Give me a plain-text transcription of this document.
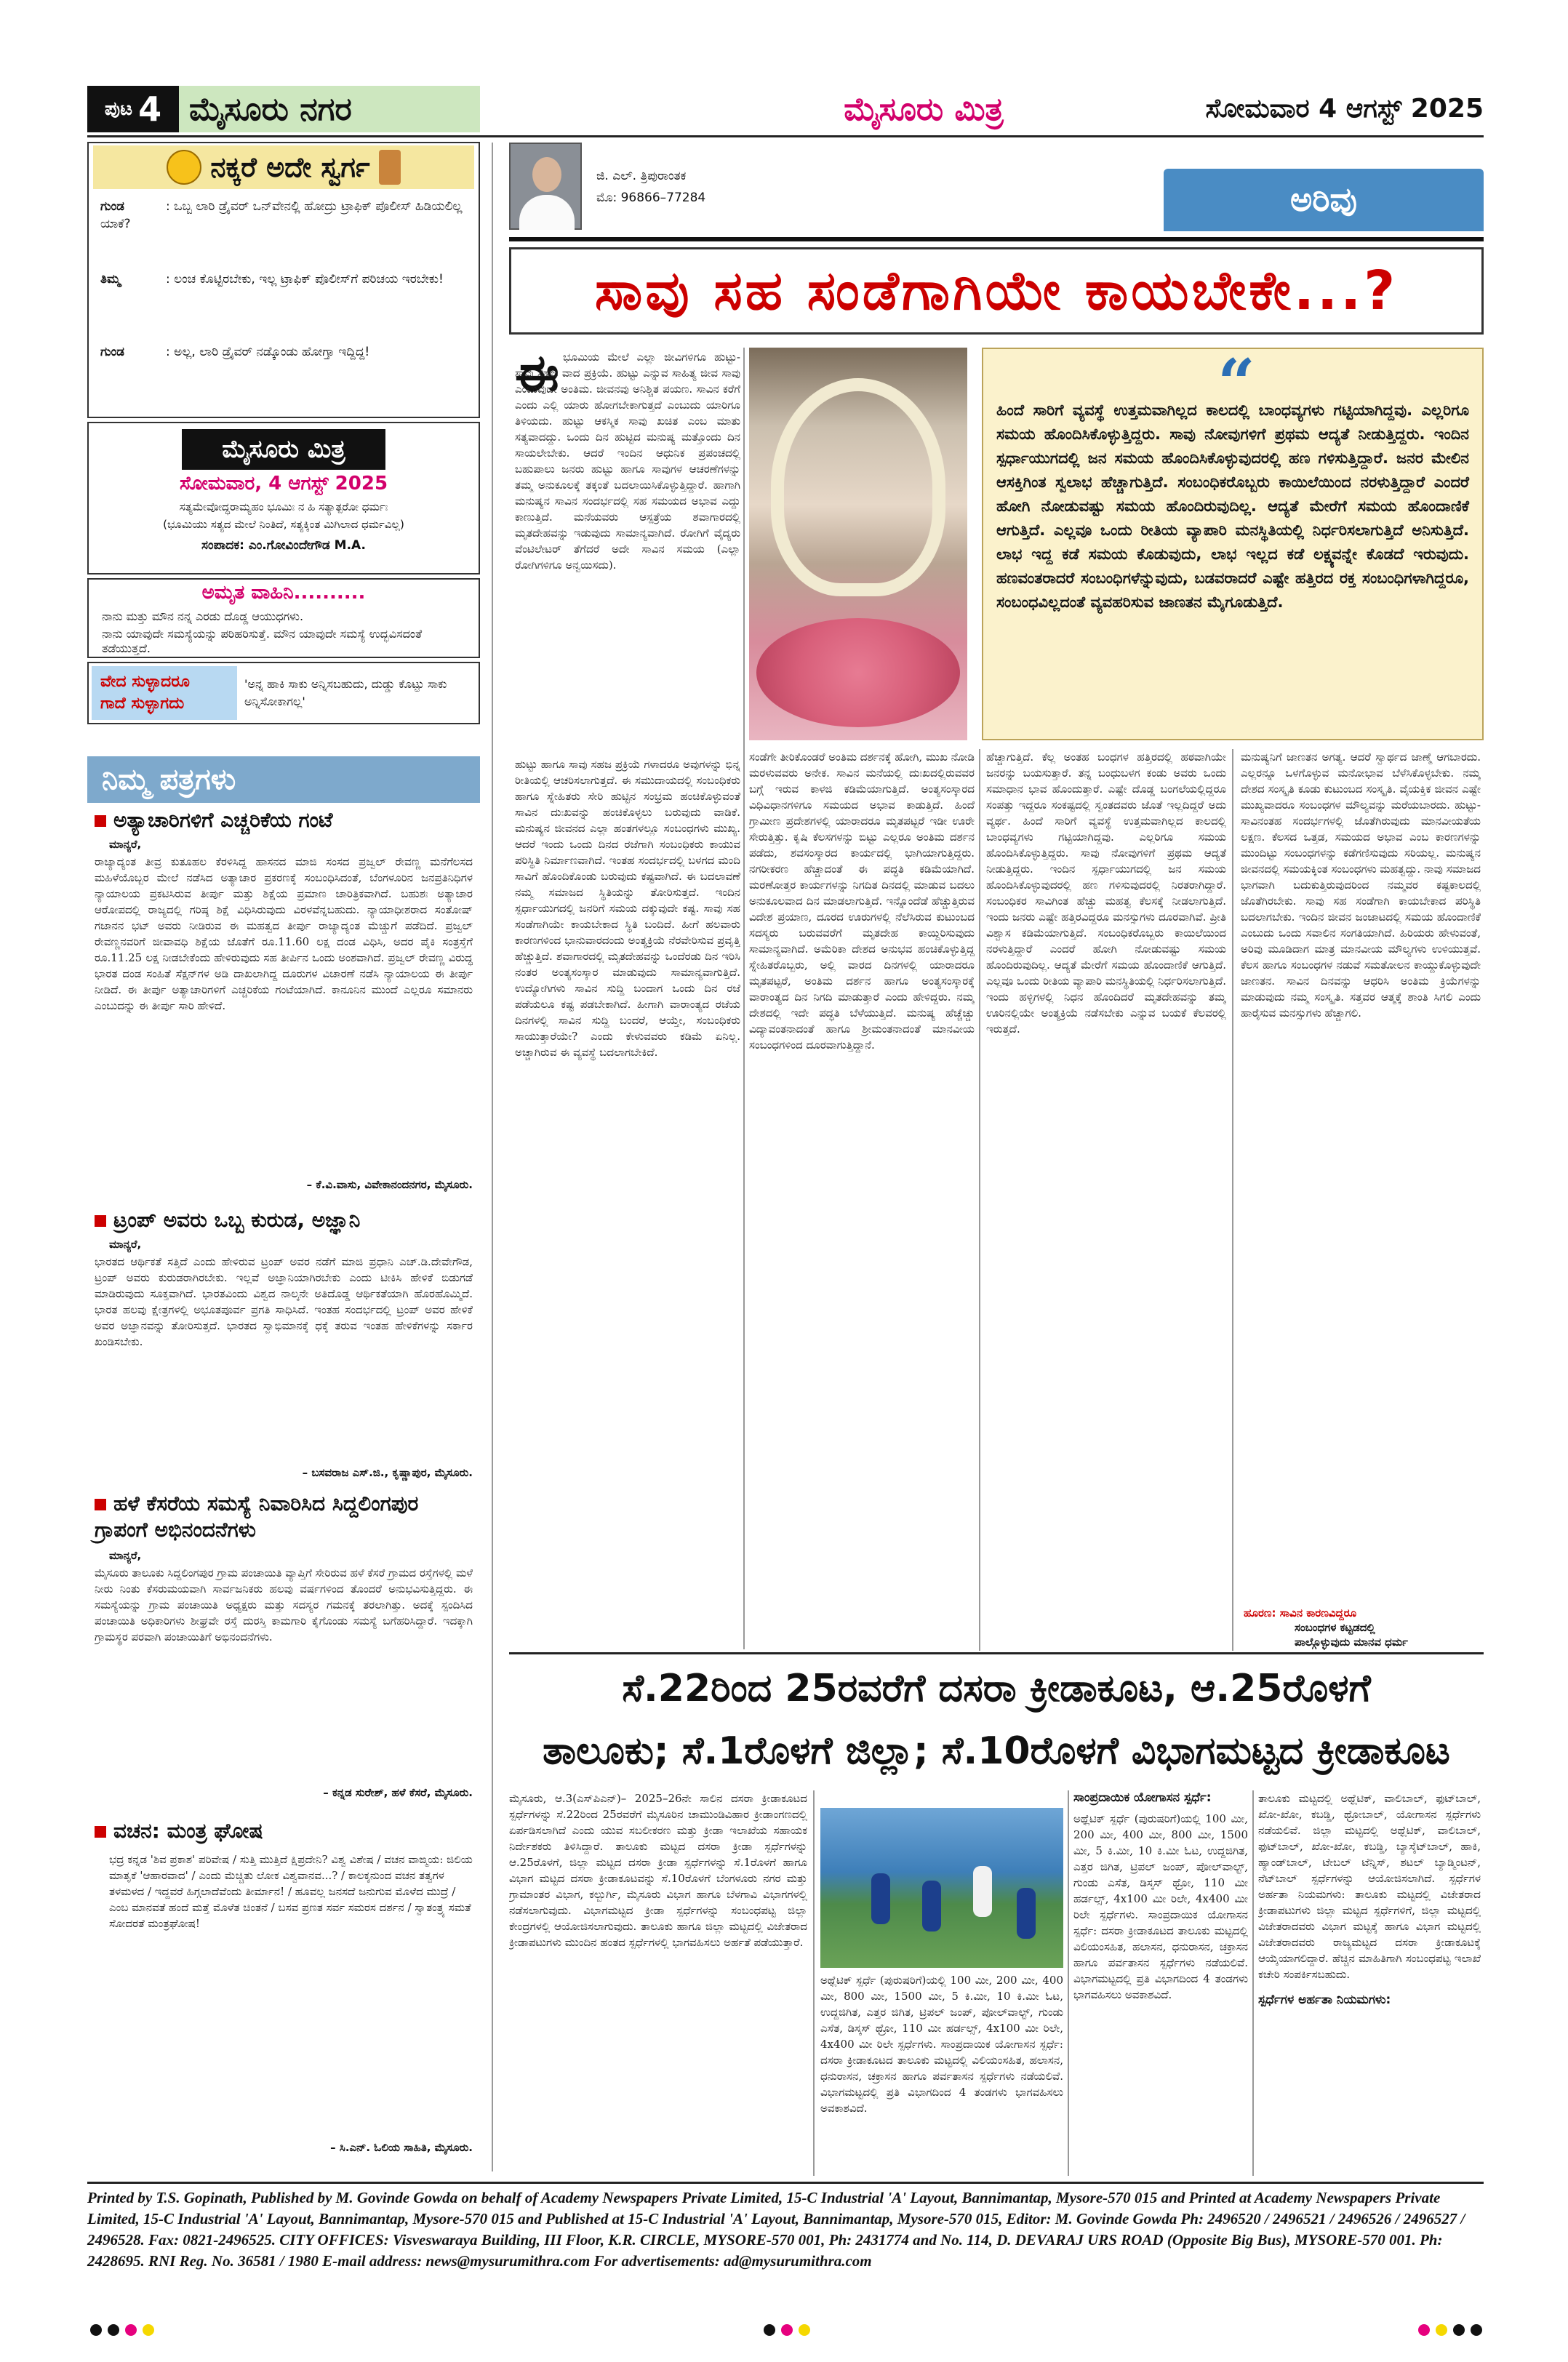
ಪುಟ 4 ಮೈಸೂರು ನಗರ	ಮೈಸೂರು ಮಿತ್ರ	ಸೋಮವಾರ 4 ಆಗಸ್ಟ್ 2025
ನಕ್ಕರೆ ಅದೇ ಸ್ವರ್ಗ
ಗುಂಡ	: ಒಬ್ಬ ಲಾರಿ ಡ್ರೈವರ್ ಒನ್‌ವೇನಲ್ಲಿ ಹೋದ್ರು ಟ್ರಾಫಿಕ್ ಪೊಲೀಸ್ ಹಿಡಿಯಲಿಲ್ಲ ಯಾಕೆ?
ತಿಮ್ಮ	: ಲಂಚ ಕೊಟ್ಟಿರಬೇಕು, ಇಲ್ಲ ಟ್ರಾಫಿಕ್ ಪೊಲೀಸ್‌ಗೆ ಪರಿಚಯ ಇರಬೇಕು!
ಗುಂಡ	: ಅಲ್ಲ, ಲಾರಿ ಡ್ರೈವರ್ ನಡ್ಕೊಂಡು ಹೋಗ್ತಾ ಇದ್ದಿದ್ದ!
ಮೈಸೂರು ಮಿತ್ರ
ಸೋಮವಾರ, 4 ಆಗಸ್ಟ್ 2025
ಸತ್ಯಮೇವೋದ್ಧರಾಮ್ಯಹಂ ಭೂಮಿಃ ನ ಹಿ ಸತ್ಯಾತ್ಪರೋ ಧರ್ಮಃ
(ಭೂಮಿಯು ಸತ್ಯದ ಮೇಲೆ ನಿಂತಿದೆ, ಸತ್ಯಕ್ಕಿಂತ ಮಿಗಿಲಾದ ಧರ್ಮವಿಲ್ಲ)
ಸಂಪಾದಕ: ಎಂ.ಗೋವಿಂದೇಗೌಡ M.A.
ಅಮೃತ ವಾಹಿನಿ..........
ನಾನು ಮತ್ತು ಮೌನ ನನ್ನ ಎರಡು ದೊಡ್ಡ ಆಯುಧಗಳು.
ನಾನು ಯಾವುದೇ ಸಮಸ್ಯೆಯನ್ನು ಪರಿಹರಿಸುತ್ತೆ. ಮೌನ ಯಾವುದೇ ಸಮಸ್ಯೆ ಉದ್ಭವಿಸದಂತೆ ತಡೆಯುತ್ತದೆ.
ವೇದ ಸುಳ್ಳಾದರೂ
ಗಾದೆ ಸುಳ್ಳಾಗದು
'ಅನ್ನ ಹಾಕಿ ಸಾಕು ಅನ್ನಿಸಬಹುದು, ದುಡ್ಡು ಕೊಟ್ಟು ಸಾಕು ಅನ್ನಿಸೋಕಾಗಲ್ಲ'
ನಿಮ್ಮ ಪತ್ರಗಳು
ಅತ್ಯಾಚಾರಿಗಳಿಗೆ ಎಚ್ಚರಿಕೆಯ ಗಂಟೆ
ಮಾನ್ಯರೆ,
ರಾಜ್ಯಾದ್ಯಂತ ತೀವ್ರ ಕುತೂಹಲ ಕೆರಳಿಸಿದ್ದ ಹಾಸನದ ಮಾಜಿ ಸಂಸದ ಪ್ರಜ್ವಲ್ ರೇವಣ್ಣ ಮನೆಗೆಲಸದ ಮಹಿಳೆಯೊಬ್ಬರ ಮೇಲೆ ನಡೆಸಿದ ಅತ್ಯಾಚಾರ ಪ್ರಕರಣಕ್ಕೆ ಸಂಬಂಧಿಸಿದಂತೆ, ಬೆಂಗಳೂರಿನ ಜನಪ್ರತಿನಿಧಿಗಳ ನ್ಯಾಯಾಲಯ ಪ್ರಕಟಿಸಿರುವ ತೀರ್ಪು ಮತ್ತು ಶಿಕ್ಷೆಯ ಪ್ರಮಾಣ ಚಾರಿತ್ರಿಕವಾಗಿದೆ. ಬಹುಶಃ ಅತ್ಯಾಚಾರ ಆರೋಪದಲ್ಲಿ ರಾಜ್ಯದಲ್ಲಿ ಗರಿಷ್ಠ ಶಿಕ್ಷೆ ವಿಧಿಸಿರುವುದು ವಿರಳವೆನ್ನಬಹುದು. ನ್ಯಾಯಾಧೀಶರಾದ ಸಂತೋಷ್ ಗಜಾನನ ಭಟ್ ಅವರು ನೀಡಿರುವ ಈ ಮಹತ್ವದ ತೀರ್ಪು ರಾಜ್ಯಾದ್ಯಂತ ಮೆಚ್ಚುಗೆ ಪಡೆದಿದೆ. ಪ್ರಜ್ವಲ್ ರೇವಣ್ಣನವರಿಗೆ ಜೀವಾವಧಿ ಶಿಕ್ಷೆಯ ಜೊತೆಗೆ ರೂ.11.60 ಲಕ್ಷ ದಂಡ ವಿಧಿಸಿ, ಅದರ ಪೈಕಿ ಸಂತ್ರಸ್ತೆಗೆ ರೂ.11.25 ಲಕ್ಷ ನೀಡಬೇಕೆಂದು ಹೇಳಿರುವುದು ಸಹ ತೀರ್ಪಿನ ಒಂದು ಅಂಶವಾಗಿದೆ. ಪ್ರಜ್ವಲ್ ರೇವಣ್ಣ ವಿರುದ್ಧ ಭಾರತ ದಂಡ ಸಂಹಿತೆ ಸೆಕ್ಷನ್‌ಗಳ ಅಡಿ ದಾಖಲಾಗಿದ್ದ ದೂರುಗಳ ವಿಚಾರಣೆ ನಡೆಸಿ ನ್ಯಾಯಾಲಯ ಈ ತೀರ್ಪು ನೀಡಿದೆ. ಈ ತೀರ್ಪು ಅತ್ಯಾಚಾರಿಗಳಿಗೆ ಎಚ್ಚರಿಕೆಯ ಗಂಟೆಯಾಗಿದೆ. ಕಾನೂನಿನ ಮುಂದೆ ಎಲ್ಲರೂ ಸಮಾನರು ಎಂಬುದನ್ನು ಈ ತೀರ್ಪು ಸಾರಿ ಹೇಳಿದೆ.
– ಕೆ.ವಿ.ವಾಸು, ವಿವೇಕಾನಂದನಗರ, ಮೈಸೂರು.
ಟ್ರಂಪ್ ಅವರು ಒಬ್ಬ ಕುರುಡ, ಅಜ್ಞಾನಿ
ಮಾನ್ಯರೆ,
ಭಾರತದ ಆರ್ಥಿಕತೆ ಸತ್ತಿದೆ ಎಂದು ಹೇಳಿರುವ ಟ್ರಂಪ್ ಅವರ ನಡೆಗೆ ಮಾಜಿ ಪ್ರಧಾನಿ ಎಚ್.ಡಿ.ದೇವೇಗೌಡ, ಟ್ರಂಪ್ ಅವರು ಕುರುಡರಾಗಿರಬೇಕು. ಇಲ್ಲವೆ ಅಜ್ಞಾನಿಯಾಗಿರಬೇಕು ಎಂದು ಟೀಕಿಸಿ ಹೇಳಿಕೆ ಬಿಡುಗಡೆ ಮಾಡಿರುವುದು ಸೂಕ್ತವಾಗಿದೆ. ಭಾರತವಿಂದು ವಿಶ್ವದ ನಾಲ್ಕನೇ ಅತಿದೊಡ್ಡ ಆರ್ಥಿಕತೆಯಾಗಿ ಹೊರಹೊಮ್ಮಿದೆ. ಭಾರತ ಹಲವು ಕ್ಷೇತ್ರಗಳಲ್ಲಿ ಅಭೂತಪೂರ್ವ ಪ್ರಗತಿ ಸಾಧಿಸಿದೆ. ಇಂತಹ ಸಂದರ್ಭದಲ್ಲಿ ಟ್ರಂಪ್ ಅವರ ಹೇಳಿಕೆ ಅವರ ಅಜ್ಞಾನವನ್ನು ತೋರಿಸುತ್ತದೆ. ಭಾರತದ ಸ್ವಾಭಿಮಾನಕ್ಕೆ ಧಕ್ಕೆ ತರುವ ಇಂತಹ ಹೇಳಿಕೆಗಳನ್ನು ಸರ್ಕಾರ ಖಂಡಿಸಬೇಕು.
– ಬಸವರಾಜ ಎಸ್.ಜಿ., ಕೃಷ್ಣಾಪುರ, ಮೈಸೂರು.
ಹಳೆ ಕೆಸರೆಯ ಸಮಸ್ಯೆ ನಿವಾರಿಸಿದ ಸಿದ್ದಲಿಂಗಪುರ ಗ್ರಾಪಂಗೆ ಅಭಿನಂದನೆಗಳು
ಮಾನ್ಯರೆ,
ಮೈಸೂರು ತಾಲೂಕು ಸಿದ್ದಲಿಂಗಪುರ ಗ್ರಾಮ ಪಂಚಾಯಿತಿ ವ್ಯಾಪ್ತಿಗೆ ಸೇರಿರುವ ಹಳೆ ಕೆಸರೆ ಗ್ರಾಮದ ರಸ್ತೆಗಳಲ್ಲಿ ಮಳೆ ನೀರು ನಿಂತು ಕೆಸರುಮಯವಾಗಿ ಸಾರ್ವಜನಿಕರು ಹಲವು ವರ್ಷಗಳಿಂದ ತೊಂದರೆ ಅನುಭವಿಸುತ್ತಿದ್ದರು. ಈ ಸಮಸ್ಯೆಯನ್ನು ಗ್ರಾಮ ಪಂಚಾಯಿತಿ ಅಧ್ಯಕ್ಷರು ಮತ್ತು ಸದಸ್ಯರ ಗಮನಕ್ಕೆ ತರಲಾಗಿತ್ತು. ಅದಕ್ಕೆ ಸ್ಪಂದಿಸಿದ ಪಂಚಾಯಿತಿ ಅಧಿಕಾರಿಗಳು ಶೀಘ್ರವೇ ರಸ್ತೆ ದುರಸ್ತಿ ಕಾಮಗಾರಿ ಕೈಗೊಂಡು ಸಮಸ್ಯೆ ಬಗೆಹರಿಸಿದ್ದಾರೆ. ಇದಕ್ಕಾಗಿ ಗ್ರಾಮಸ್ಥರ ಪರವಾಗಿ ಪಂಚಾಯಿತಿಗೆ ಅಭಿನಂದನೆಗಳು.
– ಕನ್ನಡ ಸುರೇಶ್, ಹಳೆ ಕೆಸರೆ, ಮೈಸೂರು.
ವಚನ: ಮಂತ್ರ ಘೋಷ
ಭದ್ರ ಕನ್ನಡ 'ಶಿವ ಪ್ರಕಾಶ' ಪರಿವೇಷ / ಸುತ್ತಿ ಮುತ್ತಿದೆ ಕ್ಷಿಪ್ರದೇನಿ? ವಿಶ್ವ ವಿಶೇಷ / ವಚನ ವಾಙ್ಮಯ: ಜಿಲಿಯ ಮಾತೃಕೆ 'ಆಹಾರವಾದ' / ಎಂದು ಮೆಚ್ಚಿತು ಲೋಕ ವಿಶ್ವವಾನವ...? / ಕಾಲಕ್ಕನುಂದ ವಚನ ತತ್ವಗಳ ತಳಮಳದ / ಇದ್ದವರೆ ಹಿಗ್ಗಲಾದೆವೆಂದು ತೀರ್ಮಾನ! / ಹೂವಲ್ಲ ಜನಸದೆ ಜನುಗುವ ಮೊಳೆದ ಮುದ್ರೆ / ಎಂಬ ಮಾನವತೆ ಹಂದೆ ಮತ್ತೆ ಮೊಳೆತ ಚಿಂತನೆ / ಬಸವ ಪ್ರಣತ ಸರ್ವ ಸಮರಸ ದರ್ಶನ / ಸ್ವಾತಂತ್ರ್ಯ ಸಮತೆ ಸೋದರತೆ ಮಂತ್ರಘೋಷ!
– ಸಿ.ಎನ್. ಓಲಿಯ ಸಾಹಿತಿ, ಮೈಸೂರು.
ಜಿ. ಎಲ್. ತ್ರಿಪುರಾಂತಕ
ಮೊ: 96866–77284	ಅರಿವು
ಸಾವು ಸಹ ಸಂಡೆಗಾಗಿಯೇ ಕಾಯಬೇಕೇ...?
ಈ ಭೂಮಿಯ ಮೇಲೆ ಎಲ್ಲಾ ಜೀವಿಗಳಿಗೂ ಹುಟ್ಟು-ಸಾವು ಸಹಜ ವಾದ ಪ್ರಕ್ರಿಯೆ. ಹುಟ್ಟು ಎನ್ನುವ ಸಾಹಿತ್ಯ ಜೀವ ಸಾವು ಎಂಬುವುದೇ ಅಂತಿಮ. ಜೀವನವು ಅನಿಶ್ಚಿತ ಪಯಣ. ಸಾವಿನ ಕರೆಗೆ ಎಂದು ಎಲ್ಲಿ ಯಾರು ಹೋಗಬೇಕಾಗುತ್ತದೆ ಎಂಬುದು ಯಾರಿಗೂ ತಿಳಿಯದು. ಹುಟ್ಟು ಆಕಸ್ಮಿಕ ಸಾವು ಖಚಿತ ಎಂಬ ಮಾತು ಸತ್ಯವಾದದ್ದು. ಒಂದು ದಿನ ಹುಟ್ಟಿದ ಮನುಷ್ಯ ಮತ್ತೊಂದು ದಿನ ಸಾಯಲೇಬೇಕು. ಆದರೆ ಇಂದಿನ ಆಧುನಿಕ ಪ್ರಪಂಚದಲ್ಲಿ ಬಹುಪಾಲು ಜನರು ಹುಟ್ಟು ಹಾಗೂ ಸಾವುಗಳ ಆಚರಣೆಗಳನ್ನು ತಮ್ಮ ಅನುಕೂಲಕ್ಕೆ ತಕ್ಕಂತೆ ಬದಲಾಯಿಸಿಕೊಳ್ಳುತ್ತಿದ್ದಾರೆ. ಹಾಗಾಗಿ ಮನುಷ್ಯನ ಸಾವಿನ ಸಂದರ್ಭದಲ್ಲಿ ಸಹ ಸಮಯದ ಅಭಾವ ಎದ್ದು ಕಾಣುತ್ತಿದೆ. ಮನೆಯವರು ಆಸ್ಪತ್ರೆಯ ಶವಾಗಾರದಲ್ಲಿ ಮೃತದೇಹವನ್ನು ಇಡುವುದು ಸಾಮಾನ್ಯವಾಗಿದೆ. ರೋಗಿಗೆ ವೈದ್ಯರು ವೆಂಟಿಲೇಟರ್ ತೆಗೆದರೆ ಅದೇ ಸಾವಿನ ಸಮಯ (ಎಲ್ಲಾ ರೋಗಿಗಳಿಗೂ ಅನ್ವಯಿಸದು).
ಹುಟ್ಟು ಹಾಗೂ ಸಾವು ಸಹಜ ಪ್ರಕ್ರಿಯೆ ಗಳಾದರೂ ಅವುಗಳನ್ನು ಭಿನ್ನ ರೀತಿಯಲ್ಲಿ ಆಚರಿಸಲಾಗುತ್ತದೆ. ಈ ಸಮುದಾಯದಲ್ಲಿ ಸಂಬಂಧಿಕರು ಹಾಗೂ ಸ್ನೇಹಿತರು ಸೇರಿ ಹುಟ್ಟಿನ ಸಂಭ್ರಮ ಹಂಚಿಕೊಳ್ಳುವಂತೆ ಸಾವಿನ ದುಃಖವನ್ನು ಹಂಚಿಕೊಳ್ಳಲು ಬರುವುದು ವಾಡಿಕೆ. ಮನುಷ್ಯನ ಜೀವನದ ಎಲ್ಲಾ ಹಂತಗಳಲ್ಲೂ ಸಂಬಂಧಗಳು ಮುಖ್ಯ. ಆದರೆ ಇಂದು ಒಂದು ದಿನದ ರಜೆಗಾಗಿ ಸಂಬಂಧಿಕರು ಕಾಯುವ ಪರಿಸ್ಥಿತಿ ನಿರ್ಮಾಣವಾಗಿದೆ. ಇಂತಹ ಸಂದರ್ಭದಲ್ಲಿ ಬಳಗದ ಮಂದಿ ಸಾವಿಗೆ ಹೊಂದಿಕೊಂಡು ಬರುವುದು ಕಷ್ಟವಾಗಿದೆ. ಈ ಬದಲಾವಣೆ ನಮ್ಮ ಸಮಾಜದ ಸ್ಥಿತಿಯನ್ನು ತೋರಿಸುತ್ತದೆ. ಇಂದಿನ ಸ್ಪರ್ಧಾಯುಗದಲ್ಲಿ ಜನರಿಗೆ ಸಮಯ ದಕ್ಕುವುದೇ ಕಷ್ಟ. ಸಾವು ಸಹ ಸಂಡೆಗಾಗಿಯೇ ಕಾಯಬೇಕಾದ ಸ್ಥಿತಿ ಬಂದಿದೆ. ಹೀಗೆ ಹಲವಾರು ಕಾರಣಗಳಿಂದ ಭಾನುವಾರದಂದು ಅಂತ್ಯಕ್ರಿಯೆ ನೆರವೇರಿಸುವ ಪ್ರವೃತ್ತಿ ಹೆಚ್ಚುತ್ತಿದೆ. ಶವಾಗಾರದಲ್ಲಿ ಮೃತದೇಹವನ್ನು ಒಂದೆರಡು ದಿನ ಇರಿಸಿ ನಂತರ ಅಂತ್ಯಸಂಸ್ಕಾರ ಮಾಡುವುದು ಸಾಮಾನ್ಯವಾಗುತ್ತಿದೆ. ಉದ್ಯೋಗಿಗಳು ಸಾವಿನ ಸುದ್ದಿ ಬಂದಾಗ ಒಂದು ದಿನ ರಜೆ ಪಡೆಯಲೂ ಕಷ್ಟ ಪಡಬೇಕಾಗಿದೆ. ಹೀಗಾಗಿ ವಾರಾಂತ್ಯದ ರಜೆಯ ದಿನಗಳಲ್ಲಿ ಸಾವಿನ ಸುದ್ದಿ ಬಂದರೆ, ಆಯ್ತೇ, ಸಂಬಂಧಿಕರು ಸಾಯುತ್ತಾರೆಯೇ? ಎಂದು ಕೇಳುವವರು ಕಡಿಮೆ ಏನಿಲ್ಲ. ಅಚ್ಚಾಗಿರುವ ಈ ವ್ಯವಸ್ಥೆ ಬದಲಾಗಬೇಕಿದೆ.
“
ಹಿಂದೆ ಸಾರಿಗೆ ವ್ಯವಸ್ಥೆ ಉತ್ತಮವಾಗಿಲ್ಲದ ಕಾಲದಲ್ಲಿ ಬಾಂಧವ್ಯಗಳು ಗಟ್ಟಿಯಾಗಿದ್ದವು. ಎಲ್ಲರಿಗೂ ಸಮಯ ಹೊಂದಿಸಿಕೊಳ್ಳುತ್ತಿದ್ದರು. ಸಾವು ನೋವುಗಳಿಗೆ ಪ್ರಥಮ ಆದ್ಯತೆ ನೀಡುತ್ತಿದ್ದರು. ಇಂದಿನ ಸ್ಪರ್ಧಾಯುಗದಲ್ಲಿ ಜನ ಸಮಯ ಹೊಂದಿಸಿಕೊಳ್ಳುವುದರಲ್ಲಿ ಹಣ ಗಳಿಸುತ್ತಿದ್ದಾರೆ. ಜನರ ಮೇಲಿನ ಆಸಕ್ತಿಗಿಂತ ಸ್ವಲಾಭ ಹೆಚ್ಚಾಗುತ್ತಿದೆ. ಸಂಬಂಧಿಕರೊಬ್ಬರು ಕಾಯಿಲೆಯಿಂದ ನರಳುತ್ತಿದ್ದಾರೆ ಎಂದರೆ ಹೋಗಿ ನೋಡುವಷ್ಟು ಸಮಯ ಹೊಂದಿರುವುದಿಲ್ಲ. ಆದ್ಯತೆ ಮೇರೆಗೆ ಸಮಯ ಹೊಂದಾಣಿಕೆ ಆಗುತ್ತಿದೆ. ಎಲ್ಲವೂ ಒಂದು ರೀತಿಯ ವ್ಯಾಪಾರಿ ಮನಸ್ಥಿತಿಯಲ್ಲಿ ನಿರ್ಧರಿಸಲಾಗುತ್ತಿದೆ ಅನಿಸುತ್ತಿದೆ. ಲಾಭ ಇದ್ದ ಕಡೆ ಸಮಯ ಕೊಡುವುದು, ಲಾಭ ಇಲ್ಲದ ಕಡೆ ಲಕ್ಷ್ಯವನ್ನೇ ಕೊಡದೆ ಇರುವುದು. ಹಣವಂತರಾದರೆ ಸಂಬಂಧಿಗಳೆನ್ನುವುದು, ಬಡವರಾದರೆ ಎಷ್ಟೇ ಹತ್ತಿರದ ರಕ್ತ ಸಂಬಂಧಿಗಳಾಗಿದ್ದರೂ, ಸಂಬಂಧವಿಲ್ಲದಂತೆ ವ್ಯವಹರಿಸುವ ಜಾಣತನ ಮೈಗೂಡುತ್ತಿದೆ.
ಸಂಡೆಗೇ ತೀರಿಕೊಂಡರೆ ಅಂತಿಮ ದರ್ಶನಕ್ಕೆ ಹೋಗಿ, ಮುಖ ನೋಡಿ ಮರಳುವವರು ಅನೇಕ. ಸಾವಿನ ಮನೆಯಲ್ಲಿ ದುಃಖದಲ್ಲಿರುವವರ ಬಗ್ಗೆ ಇರುವ ಕಾಳಜಿ ಕಡಿಮೆಯಾಗುತ್ತಿದೆ. ಅಂತ್ಯಸಂಸ್ಕಾರದ ವಿಧಿವಿಧಾನಗಳಿಗೂ ಸಮಯದ ಅಭಾವ ಕಾಡುತ್ತಿದೆ. ಹಿಂದೆ ಗ್ರಾಮೀಣ ಪ್ರದೇಶಗಳಲ್ಲಿ ಯಾರಾದರೂ ಮೃತಪಟ್ಟರೆ ಇಡೀ ಊರೇ ಸೇರುತ್ತಿತ್ತು. ಕೃಷಿ ಕೆಲಸಗಳನ್ನು ಬಿಟ್ಟು ಎಲ್ಲರೂ ಅಂತಿಮ ದರ್ಶನ ಪಡೆದು, ಶವಸಂಸ್ಕಾರದ ಕಾರ್ಯದಲ್ಲಿ ಭಾಗಿಯಾಗುತ್ತಿದ್ದರು. ನಗರೀಕರಣ ಹೆಚ್ಚಾದಂತೆ ಈ ಪದ್ಧತಿ ಕಡಿಮೆಯಾಗಿದೆ. ಮರಣೋತ್ತರ ಕಾರ್ಯಗಳನ್ನು ನಿಗದಿತ ದಿನದಲ್ಲಿ ಮಾಡುವ ಬದಲು ಅನುಕೂಲವಾದ ದಿನ ಮಾಡಲಾಗುತ್ತಿದೆ. ಇನ್ನೊಂದೆಡೆ ಹೆಚ್ಚುತ್ತಿರುವ ವಿದೇಶ ಪ್ರಯಾಣ, ದೂರದ ಊರುಗಳಲ್ಲಿ ನೆಲೆಸಿರುವ ಕುಟುಂಬದ ಸದಸ್ಯರು ಬರುವವರೆಗೆ ಮೃತದೇಹ ಕಾಯ್ದಿರಿಸುವುದು ಸಾಮಾನ್ಯವಾಗಿದೆ. ಅಮೆರಿಕಾ ದೇಶದ ಅನುಭವ ಹಂಚಿಕೊಳ್ಳುತ್ತಿದ್ದ ಸ್ನೇಹಿತರೊಬ್ಬರು, ಅಲ್ಲಿ ವಾರದ ದಿನಗಳಲ್ಲಿ ಯಾರಾದರೂ ಮೃತಪಟ್ಟರೆ, ಅಂತಿಮ ದರ್ಶನ ಹಾಗೂ ಅಂತ್ಯಸಂಸ್ಕಾರಕ್ಕೆ ವಾರಾಂತ್ಯದ ದಿನ ನಿಗದಿ ಮಾಡುತ್ತಾರೆ ಎಂದು ಹೇಳಿದ್ದರು. ನಮ್ಮ ದೇಶದಲ್ಲಿ ಇದೇ ಪದ್ಧತಿ ಬೆಳೆಯುತ್ತಿದೆ. ಮನುಷ್ಯ ಹೆಚ್ಚೆಚ್ಚು ವಿದ್ಯಾವಂತನಾದಂತೆ ಹಾಗೂ ಶ್ರೀಮಂತನಾದಂತೆ ಮಾನವೀಯ ಸಂಬಂಧಗಳಿಂದ ದೂರವಾಗುತ್ತಿದ್ದಾನೆ.
ಹೆಚ್ಚಾಗುತ್ತಿದೆ. ಕೆಲ್ಲ ಅಂತಹ ಬಂಧಗಳ ಹತ್ತಿರದಲ್ಲಿ ಹಠವಾಗಿಯೇ ಜನರನ್ನು ಬಯಸುತ್ತಾರೆ. ತನ್ನ ಬಂಧುಬಳಗ ಕಂಡು ಅವರು ಒಂದು ಸಮಾಧಾನ ಭಾವ ಹೊಂದುತ್ತಾರೆ. ಎಷ್ಟೇ ದೊಡ್ಡ ಬಂಗಲೆಯಲ್ಲಿದ್ದರೂ ಸಂಪತ್ತು ಇದ್ದರೂ ಸಂಕಷ್ಟದಲ್ಲಿ ಸ್ವಂತದವರು ಜೊತೆ ಇಲ್ಲದಿದ್ದರೆ ಅದು ವ್ಯರ್ಥ. ಹಿಂದೆ ಸಾರಿಗೆ ವ್ಯವಸ್ಥೆ ಉತ್ತಮವಾಗಿಲ್ಲದ ಕಾಲದಲ್ಲಿ ಬಾಂಧವ್ಯಗಳು ಗಟ್ಟಿಯಾಗಿದ್ದವು. ಎಲ್ಲರಿಗೂ ಸಮಯ ಹೊಂದಿಸಿಕೊಳ್ಳುತ್ತಿದ್ದರು. ಸಾವು ನೋವುಗಳಿಗೆ ಪ್ರಥಮ ಆದ್ಯತೆ ನೀಡುತ್ತಿದ್ದರು. ಇಂದಿನ ಸ್ಪರ್ಧಾಯುಗದಲ್ಲಿ ಜನ ಸಮಯ ಹೊಂದಿಸಿಕೊಳ್ಳುವುದರಲ್ಲಿ ಹಣ ಗಳಿಸುವುದರಲ್ಲಿ ನಿರತರಾಗಿದ್ದಾರೆ. ಸಂಬಂಧಿಕರ ಸಾವಿಗಿಂತ ಹೆಚ್ಚು ಮಹತ್ವ ಕೆಲಸಕ್ಕೆ ನೀಡಲಾಗುತ್ತಿದೆ. ಇಂದು ಜನರು ಎಷ್ಟೇ ಹತ್ತಿರವಿದ್ದರೂ ಮನಸ್ಸುಗಳು ದೂರವಾಗಿವೆ. ಪ್ರೀತಿ ವಿಶ್ವಾಸ ಕಡಿಮೆಯಾಗುತ್ತಿದೆ. ಸಂಬಂಧಿಕರೊಬ್ಬರು ಕಾಯಿಲೆಯಿಂದ ನರಳುತ್ತಿದ್ದಾರೆ ಎಂದರೆ ಹೋಗಿ ನೋಡುವಷ್ಟು ಸಮಯ ಹೊಂದಿರುವುದಿಲ್ಲ. ಆದ್ಯತೆ ಮೇರೆಗೆ ಸಮಯ ಹೊಂದಾಣಿಕೆ ಆಗುತ್ತಿದೆ. ಎಲ್ಲವೂ ಒಂದು ರೀತಿಯ ವ್ಯಾಪಾರಿ ಮನಸ್ಥಿತಿಯಲ್ಲಿ ನಿರ್ಧರಿಸಲಾಗುತ್ತಿದೆ. ಇಂದು ಹಳ್ಳಿಗಳಲ್ಲಿ ನಿಧನ ಹೊಂದಿದರೆ ಮೃತದೇಹವನ್ನು ತಮ್ಮ ಊರಿನಲ್ಲಿಯೇ ಅಂತ್ಯಕ್ರಿಯೆ ನಡೆಸಬೇಕು ಎನ್ನುವ ಬಯಕೆ ಕೆಲವರಲ್ಲಿ ಇರುತ್ತದೆ.
ಮನುಷ್ಯನಿಗೆ ಜಾಣತನ ಅಗತ್ಯ. ಆದರೆ ಸ್ವಾರ್ಥದ ಜಾಣ್ಮೆ ಆಗಬಾರದು. ಎಲ್ಲರನ್ನೂ ಒಳಗೊಳ್ಳುವ ಮನೋಭಾವ ಬೆಳೆಸಿಕೊಳ್ಳಬೇಕು. ನಮ್ಮ ದೇಶದ ಸಂಸ್ಕೃತಿ ಕೂಡು ಕುಟುಂಬದ ಸಂಸ್ಕೃತಿ. ವೈಯಕ್ತಿಕ ಜೀವನ ಎಷ್ಟೇ ಮುಖ್ಯವಾದರೂ ಸಂಬಂಧಗಳ ಮೌಲ್ಯವನ್ನು ಮರೆಯಬಾರದು. ಹುಟ್ಟು-ಸಾವಿನಂತಹ ಸಂದರ್ಭಗಳಲ್ಲಿ ಜೊತೆಗಿರುವುದು ಮಾನವೀಯತೆಯ ಲಕ್ಷಣ. ಕೆಲಸದ ಒತ್ತಡ, ಸಮಯದ ಅಭಾವ ಎಂಬ ಕಾರಣಗಳನ್ನು ಮುಂದಿಟ್ಟು ಸಂಬಂಧಗಳನ್ನು ಕಡೆಗಣಿಸುವುದು ಸರಿಯಲ್ಲ. ಮನುಷ್ಯನ ಜೀವನದಲ್ಲಿ ಸಮಯಕ್ಕಿಂತ ಸಂಬಂಧಗಳು ಮಹತ್ವದ್ದು. ನಾವು ಸಮಾಜದ ಭಾಗವಾಗಿ ಬದುಕುತ್ತಿರುವುದರಿಂದ ನಮ್ಮವರ ಕಷ್ಟಕಾಲದಲ್ಲಿ ಜೊತೆಗಿರಬೇಕು. ಸಾವು ಸಹ ಸಂಡೆಗಾಗಿ ಕಾಯಬೇಕಾದ ಪರಿಸ್ಥಿತಿ ಬದಲಾಗಬೇಕು. ಇಂದಿನ ಜೀವನ ಜಂಜಾಟದಲ್ಲಿ ಸಮಯ ಹೊಂದಾಣಿಕೆ ಎಂಬುದು ಒಂದು ಸವಾಲಿನ ಸಂಗತಿಯಾಗಿದೆ. ಹಿರಿಯರು ಹೇಳುವಂತೆ, ಅರಿವು ಮೂಡಿದಾಗ ಮಾತ್ರ ಮಾನವೀಯ ಮೌಲ್ಯಗಳು ಉಳಿಯುತ್ತವೆ. ಕೆಲಸ ಹಾಗೂ ಸಂಬಂಧಗಳ ನಡುವೆ ಸಮತೋಲನ ಕಾಯ್ದುಕೊಳ್ಳುವುದೇ ಜಾಣತನ. ಸಾವಿನ ದಿನವನ್ನು ಆಧರಿಸಿ ಅಂತಿಮ ಕ್ರಿಯೆಗಳನ್ನು ಮಾಡುವುದು ನಮ್ಮ ಸಂಸ್ಕೃತಿ. ಸತ್ತವರ ಆತ್ಮಕ್ಕೆ ಶಾಂತಿ ಸಿಗಲಿ ಎಂದು ಹಾರೈಸುವ ಮನಸ್ಸುಗಳು ಹೆಚ್ಚಾಗಲಿ.
ಹೂರಣ: ಸಾವಿನ ಕಾರಣವಿದ್ದರೂ
ಸಂಬಂಧಗಳ ಕಟ್ಟಡದಲ್ಲಿ
ಪಾಲ್ಗೊಳ್ಳುವುದು ಮಾನವ ಧರ್ಮ
ಸೆ.22ರಿಂದ 25ರವರೆಗೆ ದಸರಾ ಕ್ರೀಡಾಕೂಟ, ಆ.25ರೊಳಗೆ
ತಾಲೂಕು; ಸೆ.1ರೊಳಗೆ ಜಿಲ್ಲಾ; ಸೆ.10ರೊಳಗೆ ವಿಭಾಗಮಟ್ಟದ ಕ್ರೀಡಾಕೂಟ
ಮೈಸೂರು, ಆ.3(ಎಸ್‌ಪಿಎನ್)– 2025–26ನೇ ಸಾಲಿನ ದಸರಾ ಕ್ರೀಡಾಕೂಟದ ಸ್ಪರ್ಧೆಗಳನ್ನು ಸೆ.22ರಿಂದ 25ರವರೆಗೆ ಮೈಸೂರಿನ ಚಾಮುಂಡಿವಿಹಾರ ಕ್ರೀಡಾಂಗಣದಲ್ಲಿ ಏರ್ಪಡಿಸಲಾಗಿದೆ ಎಂದು ಯುವ ಸಬಲೀಕರಣ ಮತ್ತು ಕ್ರೀಡಾ ಇಲಾಖೆಯ ಸಹಾಯಕ ನಿರ್ದೇಶಕರು ತಿಳಿಸಿದ್ದಾರೆ. ತಾಲೂಕು ಮಟ್ಟದ ದಸರಾ ಕ್ರೀಡಾ ಸ್ಪರ್ಧೆಗಳನ್ನು ಆ.25ರೊಳಗೆ, ಜಿಲ್ಲಾ ಮಟ್ಟದ ದಸರಾ ಕ್ರೀಡಾ ಸ್ಪರ್ಧೆಗಳನ್ನು ಸೆ.1ರೊಳಗೆ ಹಾಗೂ ವಿಭಾಗ ಮಟ್ಟದ ದಸರಾ ಕ್ರೀಡಾಕೂಟವನ್ನು ಸೆ.10ರೊಳಗೆ ಬೆಂಗಳೂರು ನಗರ ಮತ್ತು ಗ್ರಾಮಾಂತರ ವಿಭಾಗ, ಕಲ್ಬುರ್ಗಿ, ಮೈಸೂರು ವಿಭಾಗ ಹಾಗೂ ಬೆಳಗಾವಿ ವಿಭಾಗಗಳಲ್ಲಿ ನಡೆಸಲಾಗುವುದು. ವಿಭಾಗಮಟ್ಟದ ಕ್ರೀಡಾ ಸ್ಪರ್ಧೆಗಳನ್ನು ಸಂಬಂಧಪಟ್ಟ ಜಿಲ್ಲಾ ಕೇಂದ್ರಗಳಲ್ಲಿ ಆಯೋಜಿಸಲಾಗುವುದು. ತಾಲೂಕು ಹಾಗೂ ಜಿಲ್ಲಾ ಮಟ್ಟದಲ್ಲಿ ವಿಜೇತರಾದ ಕ್ರೀಡಾಪಟುಗಳು ಮುಂದಿನ ಹಂತದ ಸ್ಪರ್ಧೆಗಳಲ್ಲಿ ಭಾಗವಹಿಸಲು ಅರ್ಹತೆ ಪಡೆಯುತ್ತಾರೆ.
ಅಥ್ಲೆಟಿಕ್ ಸ್ಪರ್ಧೆ (ಪುರುಷರಿಗೆ)ಯಲ್ಲಿ 100 ಮೀ, 200 ಮೀ, 400 ಮೀ, 800 ಮೀ, 1500 ಮೀ, 5 ಕಿ.ಮೀ, 10 ಕಿ.ಮೀ ಓಟ, ಉದ್ದಜಿಗಿತ, ಎತ್ತರ ಜಿಗಿತ, ಟ್ರಿಪಲ್ ಜಂಪ್, ಪೋಲ್‌ವಾಲ್ಟ್, ಗುಂಡು ಎಸೆತ, ಡಿಸ್ಕಸ್ ಥ್ರೋ, 110 ಮೀ ಹರ್ಡಲ್ಸ್, 4x100 ಮೀ ರಿಲೇ, 4x400 ಮೀ ರಿಲೇ ಸ್ಪರ್ಧೆಗಳು. ಸಾಂಪ್ರದಾಯಿಕ ಯೋಗಾಸನ ಸ್ಪರ್ಧೆ: ದಸರಾ ಕ್ರೀಡಾಕೂಟದ ತಾಲೂಕು ಮಟ್ಟದಲ್ಲಿ ವಿಲಿಯಂಸಹಿತ, ಹಲಾಸನ, ಧನುರಾಸನ, ಚಕ್ರಾಸನ ಹಾಗೂ ಪರ್ವತಾಸನ ಸ್ಪರ್ಧೆಗಳು ನಡೆಯಲಿವೆ. ವಿಭಾಗಮಟ್ಟದಲ್ಲಿ ಪ್ರತಿ ವಿಭಾಗದಿಂದ 4 ತಂಡಗಳು ಭಾಗವಹಿಸಲು ಅವಕಾಶವಿದೆ.
ಸಾಂಪ್ರದಾಯಿಕ ಯೋಗಾಸನ ಸ್ಪರ್ಧೆ:
ಅಥ್ಲೆಟಿಕ್ ಸ್ಪರ್ಧೆ (ಪುರುಷರಿಗೆ)ಯಲ್ಲಿ 100 ಮೀ, 200 ಮೀ, 400 ಮೀ, 800 ಮೀ, 1500 ಮೀ, 5 ಕಿ.ಮೀ, 10 ಕಿ.ಮೀ ಓಟ, ಉದ್ದಜಿಗಿತ, ಎತ್ತರ ಜಿಗಿತ, ಟ್ರಿಪಲ್ ಜಂಪ್, ಪೋಲ್‌ವಾಲ್ಟ್, ಗುಂಡು ಎಸೆತ, ಡಿಸ್ಕಸ್ ಥ್ರೋ, 110 ಮೀ ಹರ್ಡಲ್ಸ್, 4x100 ಮೀ ರಿಲೇ, 4x400 ಮೀ ರಿಲೇ ಸ್ಪರ್ಧೆಗಳು. ಸಾಂಪ್ರದಾಯಿಕ ಯೋಗಾಸನ ಸ್ಪರ್ಧೆ: ದಸರಾ ಕ್ರೀಡಾಕೂಟದ ತಾಲೂಕು ಮಟ್ಟದಲ್ಲಿ ವಿಲಿಯಂಸಹಿತ, ಹಲಾಸನ, ಧನುರಾಸನ, ಚಕ್ರಾಸನ ಹಾಗೂ ಪರ್ವತಾಸನ ಸ್ಪರ್ಧೆಗಳು ನಡೆಯಲಿವೆ. ವಿಭಾಗಮಟ್ಟದಲ್ಲಿ ಪ್ರತಿ ವಿಭಾಗದಿಂದ 4 ತಂಡಗಳು ಭಾಗವಹಿಸಲು ಅವಕಾಶವಿದೆ.	ಸ್ಪರ್ಧೆಗಳ ಅರ್ಹತಾ ನಿಯಮಗಳು:
ತಾಲೂಕು ಮಟ್ಟದಲ್ಲಿ ಅಥ್ಲೆಟಿಕ್, ವಾಲಿಬಾಲ್, ಫುಟ್‌ಬಾಲ್, ಖೋ-ಖೋ, ಕಬಡ್ಡಿ, ಥ್ರೋಬಾಲ್, ಯೋಗಾಸನ ಸ್ಪರ್ಧೆಗಳು ನಡೆಯಲಿವೆ. ಜಿಲ್ಲಾ ಮಟ್ಟದಲ್ಲಿ ಅಥ್ಲೆಟಿಕ್, ವಾಲಿಬಾಲ್, ಫುಟ್‌ಬಾಲ್, ಖೋ-ಖೋ, ಕಬಡ್ಡಿ, ಬ್ಯಾಸ್ಕೆಟ್‌ಬಾಲ್, ಹಾಕಿ, ಹ್ಯಾಂಡ್‌ಬಾಲ್, ಟೇಬಲ್ ಟೆನ್ನಿಸ್, ಶಟಲ್ ಬ್ಯಾಡ್ಮಿಂಟನ್, ನೆಟ್‌ಬಾಲ್ ಸ್ಪರ್ಧೆಗಳನ್ನು ಆಯೋಜಿಸಲಾಗಿದೆ. ಸ್ಪರ್ಧೆಗಳ ಅರ್ಹತಾ ನಿಯಮಗಳು: ತಾಲೂಕು ಮಟ್ಟದಲ್ಲಿ ವಿಜೇತರಾದ ಕ್ರೀಡಾಪಟುಗಳು ಜಿಲ್ಲಾ ಮಟ್ಟದ ಸ್ಪರ್ಧೆಗಳಿಗೆ, ಜಿಲ್ಲಾ ಮಟ್ಟದಲ್ಲಿ ವಿಜೇತರಾದವರು ವಿಭಾಗ ಮಟ್ಟಕ್ಕೆ ಹಾಗೂ ವಿಭಾಗ ಮಟ್ಟದಲ್ಲಿ ವಿಜೇತರಾದವರು ರಾಜ್ಯಮಟ್ಟದ ದಸರಾ ಕ್ರೀಡಾಕೂಟಕ್ಕೆ ಆಯ್ಕೆಯಾಗಲಿದ್ದಾರೆ. ಹೆಚ್ಚಿನ ಮಾಹಿತಿಗಾಗಿ ಸಂಬಂಧಪಟ್ಟ ಇಲಾಖೆ ಕಚೇರಿ ಸಂಪರ್ಕಿಸಬಹುದು.
Printed by T.S. Gopinath, Published by M. Govinde Gowda on behalf of Academy Newspapers Private Limited, 15-C Industrial 'A' Layout, Bannimantap, Mysore-570 015 and Printed at Academy Newspapers Private Limited, 15-C Industrial 'A' Layout, Bannimantap, Mysore-570 015 and Published at 15-C Industrial 'A' Layout, Bannimantap, Mysore-570 015, Editor: M. Govinde Gowda Ph: 2496520 / 2496521 / 2496526 / 2496527 / 2496528. Fax: 0821-2496525. CITY OFFICES: Visveswaraya Building, III Floor, K.R. CIRCLE, MYSORE-570 001, Ph: 2431774 and No. 114, D. DEVARAJ URS ROAD (Opposite Big Bus), MYSORE-570 001. Ph: 2428695. RNI Reg. No. 36581 / 1980 E-mail address: news@mysurumithra.com For advertisements: ad@mysurumithra.com
